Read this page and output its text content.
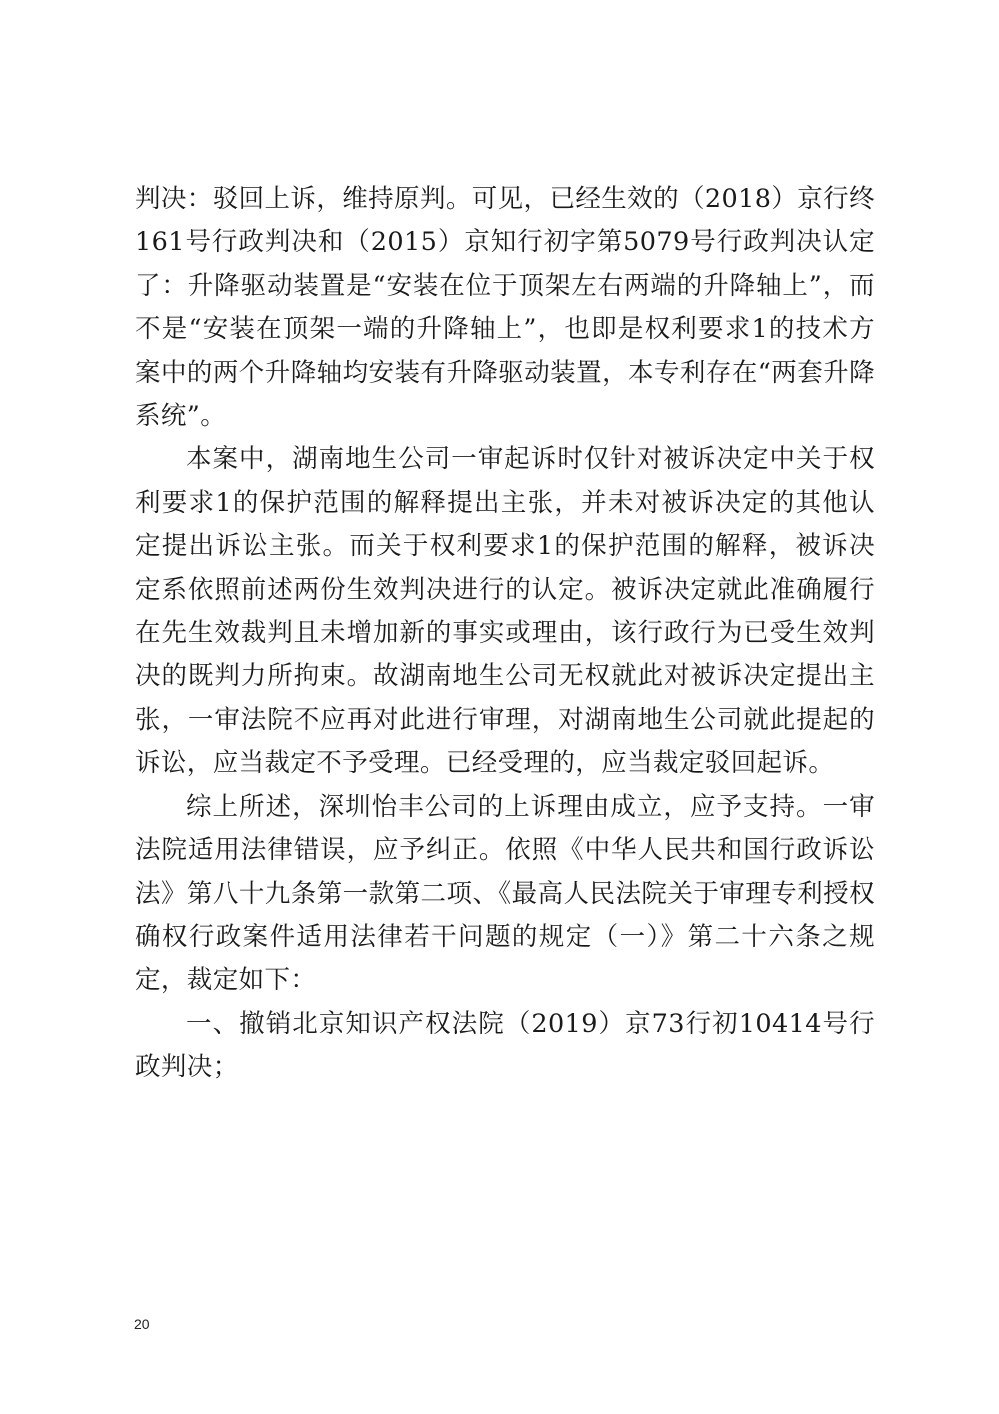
判决：驳回上诉，维持原判。可见，已经生效的（2018）京行终161号行政判决和（2015）京知行初字第5079号行政判决认定了：升降驱动装置是“安装在位于顶架左右两端的升降轴上”，而不是“安装在顶架一端的升降轴上”，也即是权利要求1的技术方案中的两个升降轴均安装有升降驱动装置，本专利存在“两套升降系统”。

本案中，湖南地生公司一审起诉时仅针对被诉决定中关于权利要求1的保护范围的解释提出主张，并未对被诉决定的其他认定提出诉讼主张。而关于权利要求1的保护范围的解释，被诉决定系依照前述两份生效判决进行的认定。被诉决定就此准确履行在先生效裁判且未增加新的事实或理由，该行政行为已受生效判决的既判力所拘束。故湖南地生公司无权就此对被诉决定提出主张，一审法院不应再对此进行审理，对湖南地生公司就此提起的诉讼，应当裁定不予受理。已经受理的，应当裁定驳回起诉。

综上所述，深圳怡丰公司的上诉理由成立，应予支持。一审法院适用法律错误，应予纠正。依照《中华人民共和国行政诉讼法》第八十九条第一款第二项、《最高人民法院关于审理专利授权确权行政案件适用法律若干问题的规定（一）》第二十六条之规定，裁定如下：

一、撤销北京知识产权法院（2019）京73行初10414号行政判决；

20
